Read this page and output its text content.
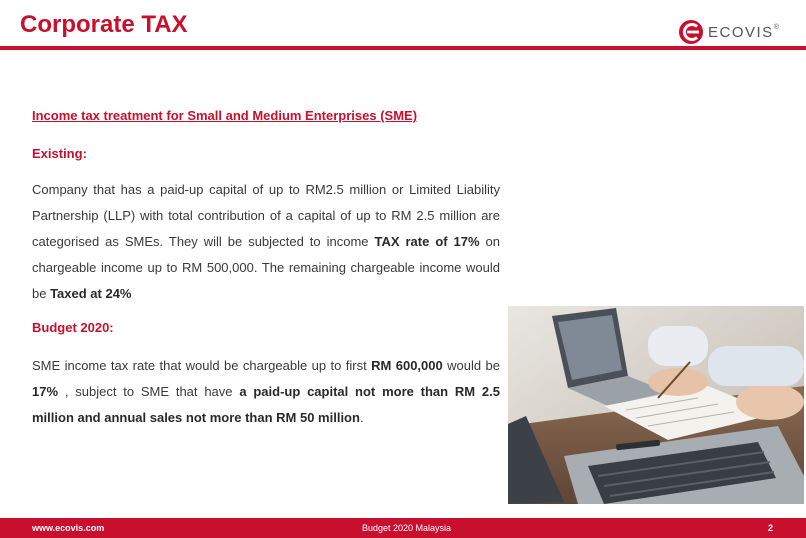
Corporate TAX	ECOVIS®
Income tax treatment for Small and Medium Enterprises (SME)
Existing:

Company that has a paid-up capital of up to RM2.5 million or Limited Liability Partnership (LLP) with total contribution of a capital of up to RM 2.5 million are categorised as SMEs. They will be subjected to income TAX rate of 17% on chargeable income up to RM 500,000. The remaining chargeable income would be Taxed at 24%

Budget 2020:

SME income tax rate that would be chargeable up to first RM 600,000 would be 17% , subject to SME that have a paid-up capital not more than RM 2.5 million and annual sales not more than RM 50 million.

www.ecovis.com	Budget 2020 Malaysia	2
